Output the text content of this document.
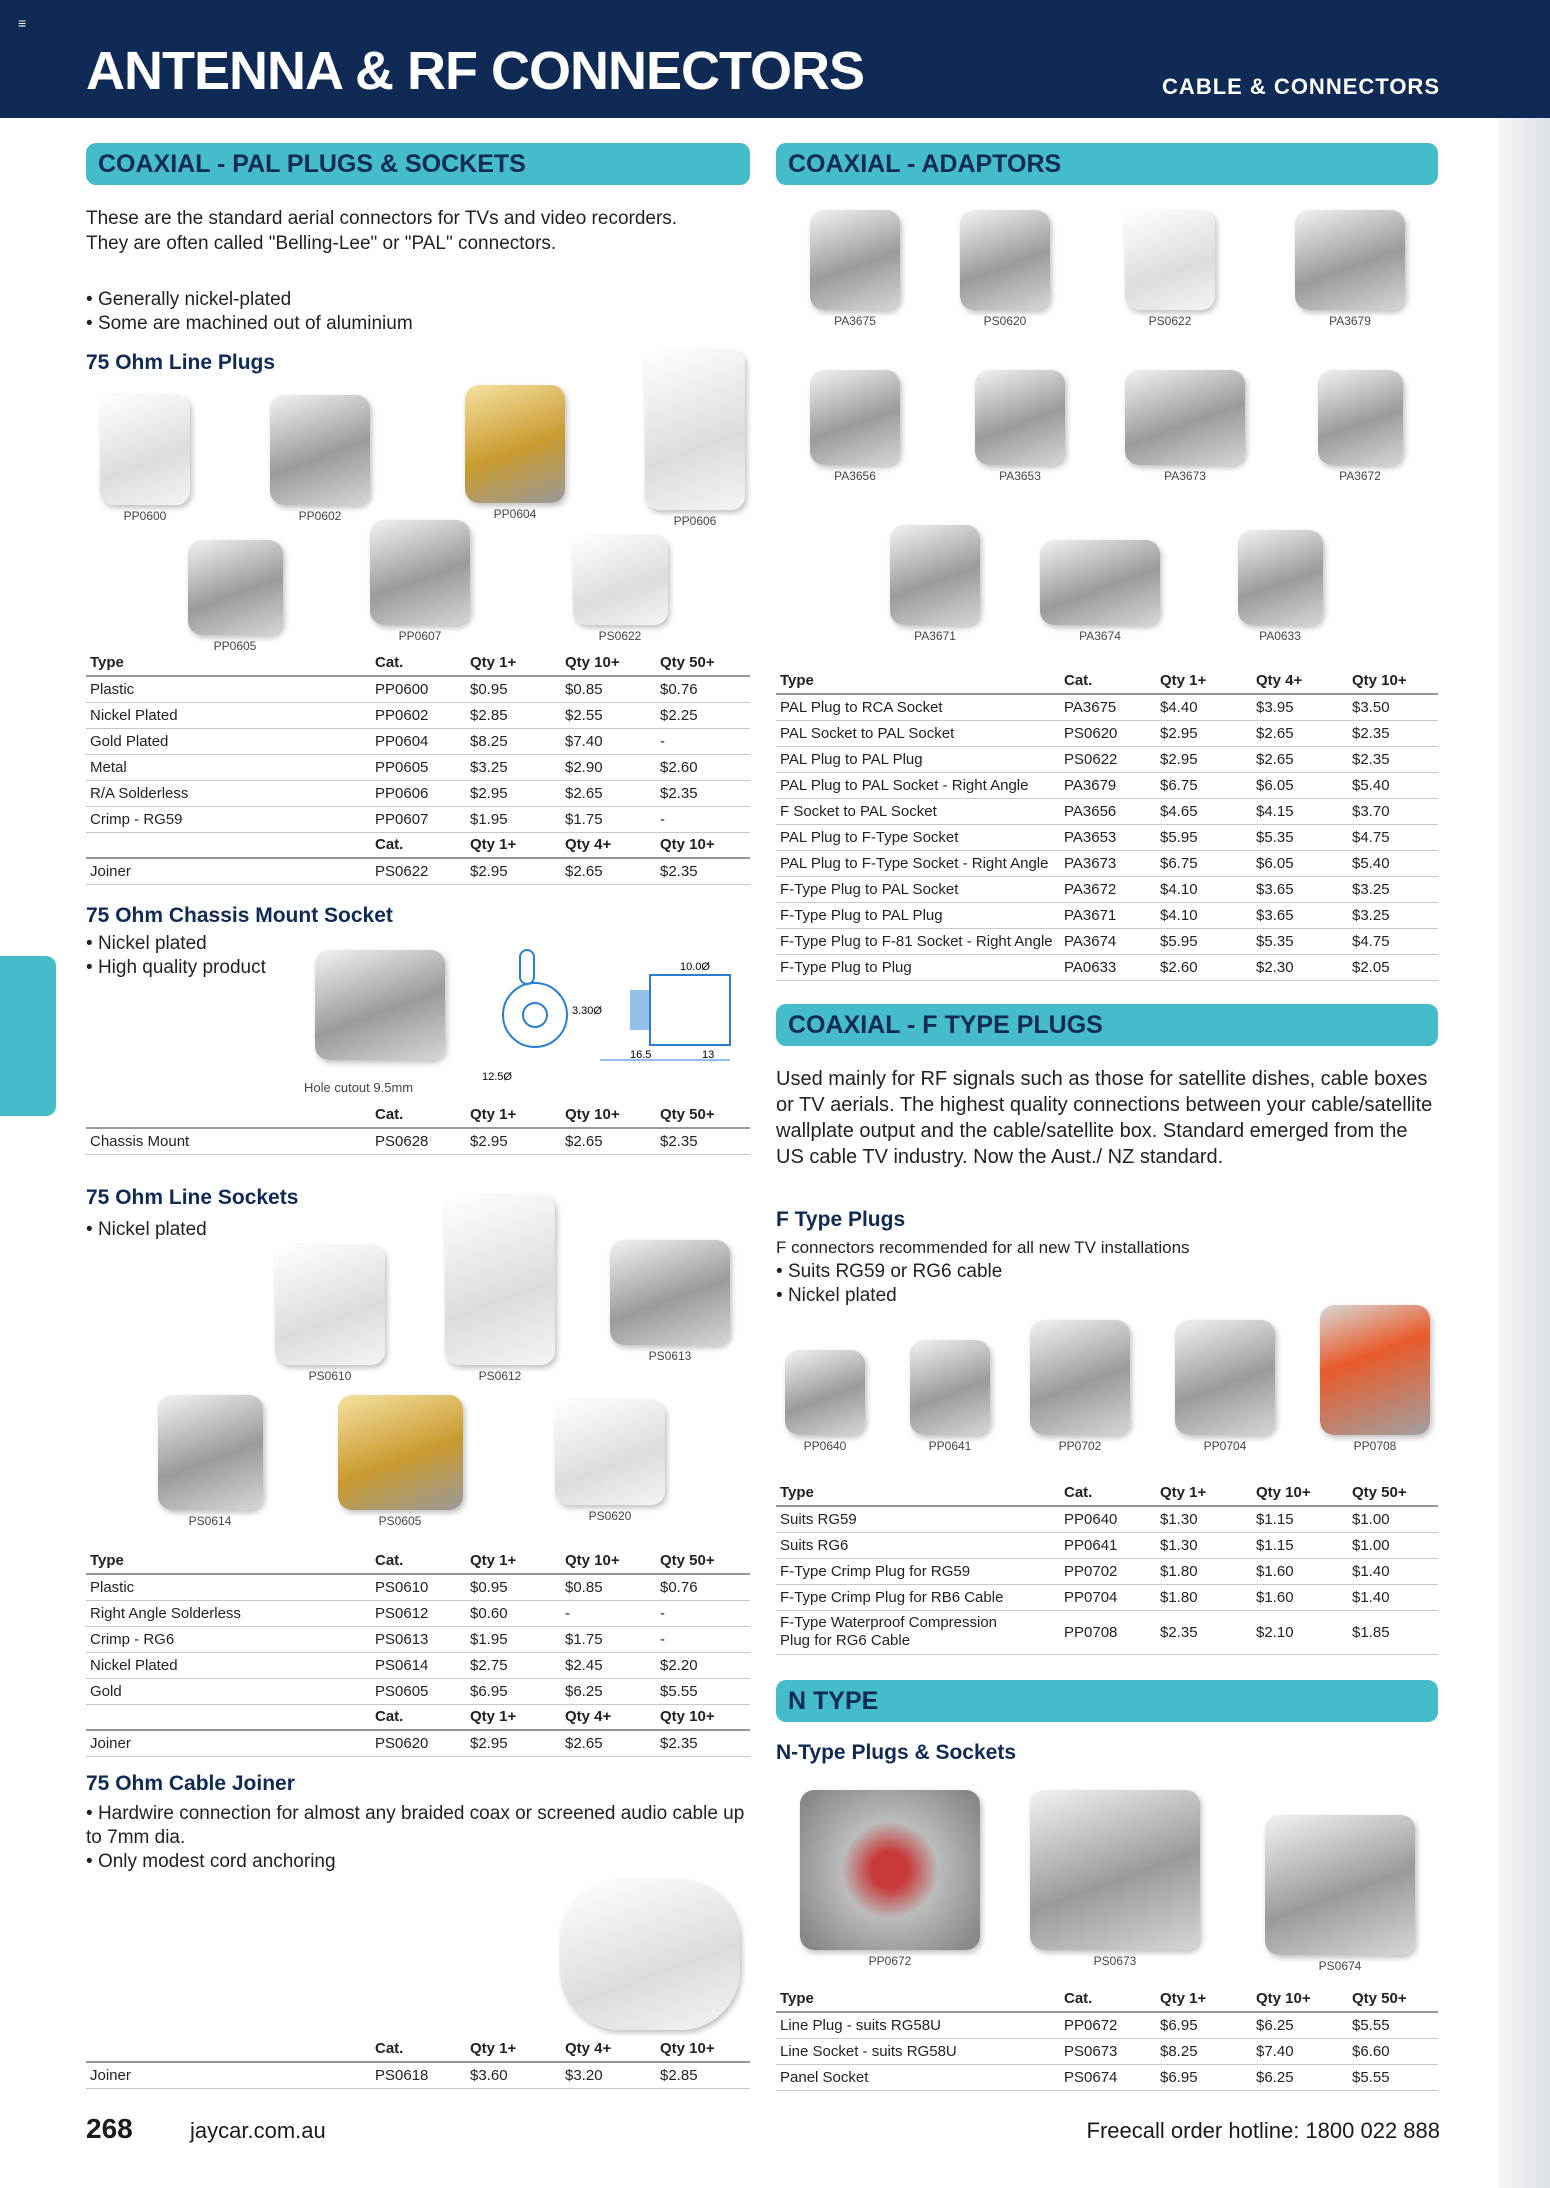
≡
ANTENNA & RF CONNECTORS	CABLE & CONNECTORS
COAXIAL - PAL PLUGS & SOCKETS
These are the standard aerial connectors for TVs and video recorders. They are often called "Belling-Lee" or "PAL" connectors.
• Generally nickel-plated
• Some are machined out of aluminium
75 Ohm Line Plugs
PP0600	PP0602	PP0604	PP0606
PP0605
PP0607	PS0622
Type	Cat.	Qty 1+	Qty 10+	Qty 50+
Plastic	PP0600	$0.95	$0.85	$0.76
Nickel Plated	PP0602	$2.85	$2.55	$2.25
Gold Plated	PP0604	$8.25	$7.40	-
Metal	PP0605	$3.25	$2.90	$2.60
R/A Solderless	PP0606	$2.95	$2.65	$2.35
Crimp - RG59	PP0607	$1.95	$1.75	-
	Cat.	Qty 1+	Qty 4+	Qty 10+
Joiner	PS0622	$2.95	$2.65	$2.35
75 Ohm Chassis Mount Socket
• Nickel plated
• High quality product
Hole cutout 9.5mm
10.0Ø
3.30Ø
12.5Ø
16.5	13
	Cat.	Qty 1+	Qty 10+	Qty 50+
Chassis Mount	PS0628	$2.95	$2.65	$2.35
75 Ohm Line Sockets
• Nickel plated
PS0610	PS0612
PS0613
PS0614	PS0605	PS0620
Type	Cat.	Qty 1+	Qty 10+	Qty 50+
Plastic	PS0610	$0.95	$0.85	$0.76
Right Angle Solderless	PS0612	$0.60	-	-
Crimp - RG6	PS0613	$1.95	$1.75	-
Nickel Plated	PS0614	$2.75	$2.45	$2.20
Gold	PS0605	$6.95	$6.25	$5.55
	Cat.	Qty 1+	Qty 4+	Qty 10+
Joiner	PS0620	$2.95	$2.65	$2.35
75 Ohm Cable Joiner
• Hardwire connection for almost any braided coax or screened audio cable up to 7mm dia.
• Only modest cord anchoring
	Cat.	Qty 1+	Qty 4+	Qty 10+
Joiner	PS0618	$3.60	$3.20	$2.85
COAXIAL - ADAPTORS
PA3675	PS0620	PS0622	PA3679
PA3656	PA3653	PA3673	PA3672
PA3671	PA3674	PA0633
Type	Cat.	Qty 1+	Qty 4+	Qty 10+
PAL Plug to RCA Socket	PA3675	$4.40	$3.95	$3.50
PAL Socket to PAL Socket	PS0620	$2.95	$2.65	$2.35
PAL Plug to PAL Plug	PS0622	$2.95	$2.65	$2.35
PAL Plug to PAL Socket - Right Angle	PA3679	$6.75	$6.05	$5.40
F Socket to PAL Socket	PA3656	$4.65	$4.15	$3.70
PAL Plug to F-Type Socket	PA3653	$5.95	$5.35	$4.75
PAL Plug to F-Type Socket - Right Angle	PA3673	$6.75	$6.05	$5.40
F-Type Plug to PAL Socket	PA3672	$4.10	$3.65	$3.25
F-Type Plug to PAL Plug	PA3671	$4.10	$3.65	$3.25
F-Type Plug to F-81 Socket - Right Angle	PA3674	$5.95	$5.35	$4.75
F-Type Plug to Plug	PA0633	$2.60	$2.30	$2.05
COAXIAL - F TYPE PLUGS
Used mainly for RF signals such as those for satellite dishes, cable boxes or TV aerials. The highest quality connections between your cable/satellite wallplate output and the cable/satellite box. Standard emerged from the US cable TV industry. Now the Aust./ NZ standard.
F Type Plugs
F connectors recommended for all new TV installations
• Suits RG59 or RG6 cable
• Nickel plated
PP0640	PP0641	PP0702	PP0704	PP0708
Type	Cat.	Qty 1+	Qty 10+	Qty 50+
Suits RG59	PP0640	$1.30	$1.15	$1.00
Suits RG6	PP0641	$1.30	$1.15	$1.00
F-Type Crimp Plug for RG59	PP0702	$1.80	$1.60	$1.40
F-Type Crimp Plug for RB6 Cable	PP0704	$1.80	$1.60	$1.40
F-Type Waterproof Compression
Plug for RG6 Cable	PP0708	$2.35	$2.10	$1.85
N TYPE
N-Type Plugs & Sockets
PP0672	PS0673	PS0674
Type	Cat.	Qty 1+	Qty 10+	Qty 50+
Line Plug - suits RG58U	PP0672	$6.95	$6.25	$5.55
Line Socket - suits RG58U	PS0673	$8.25	$7.40	$6.60
Panel Socket	PS0674	$6.95	$6.25	$5.55
268	jaycar.com.au	Freecall order hotline: 1800 022 888
